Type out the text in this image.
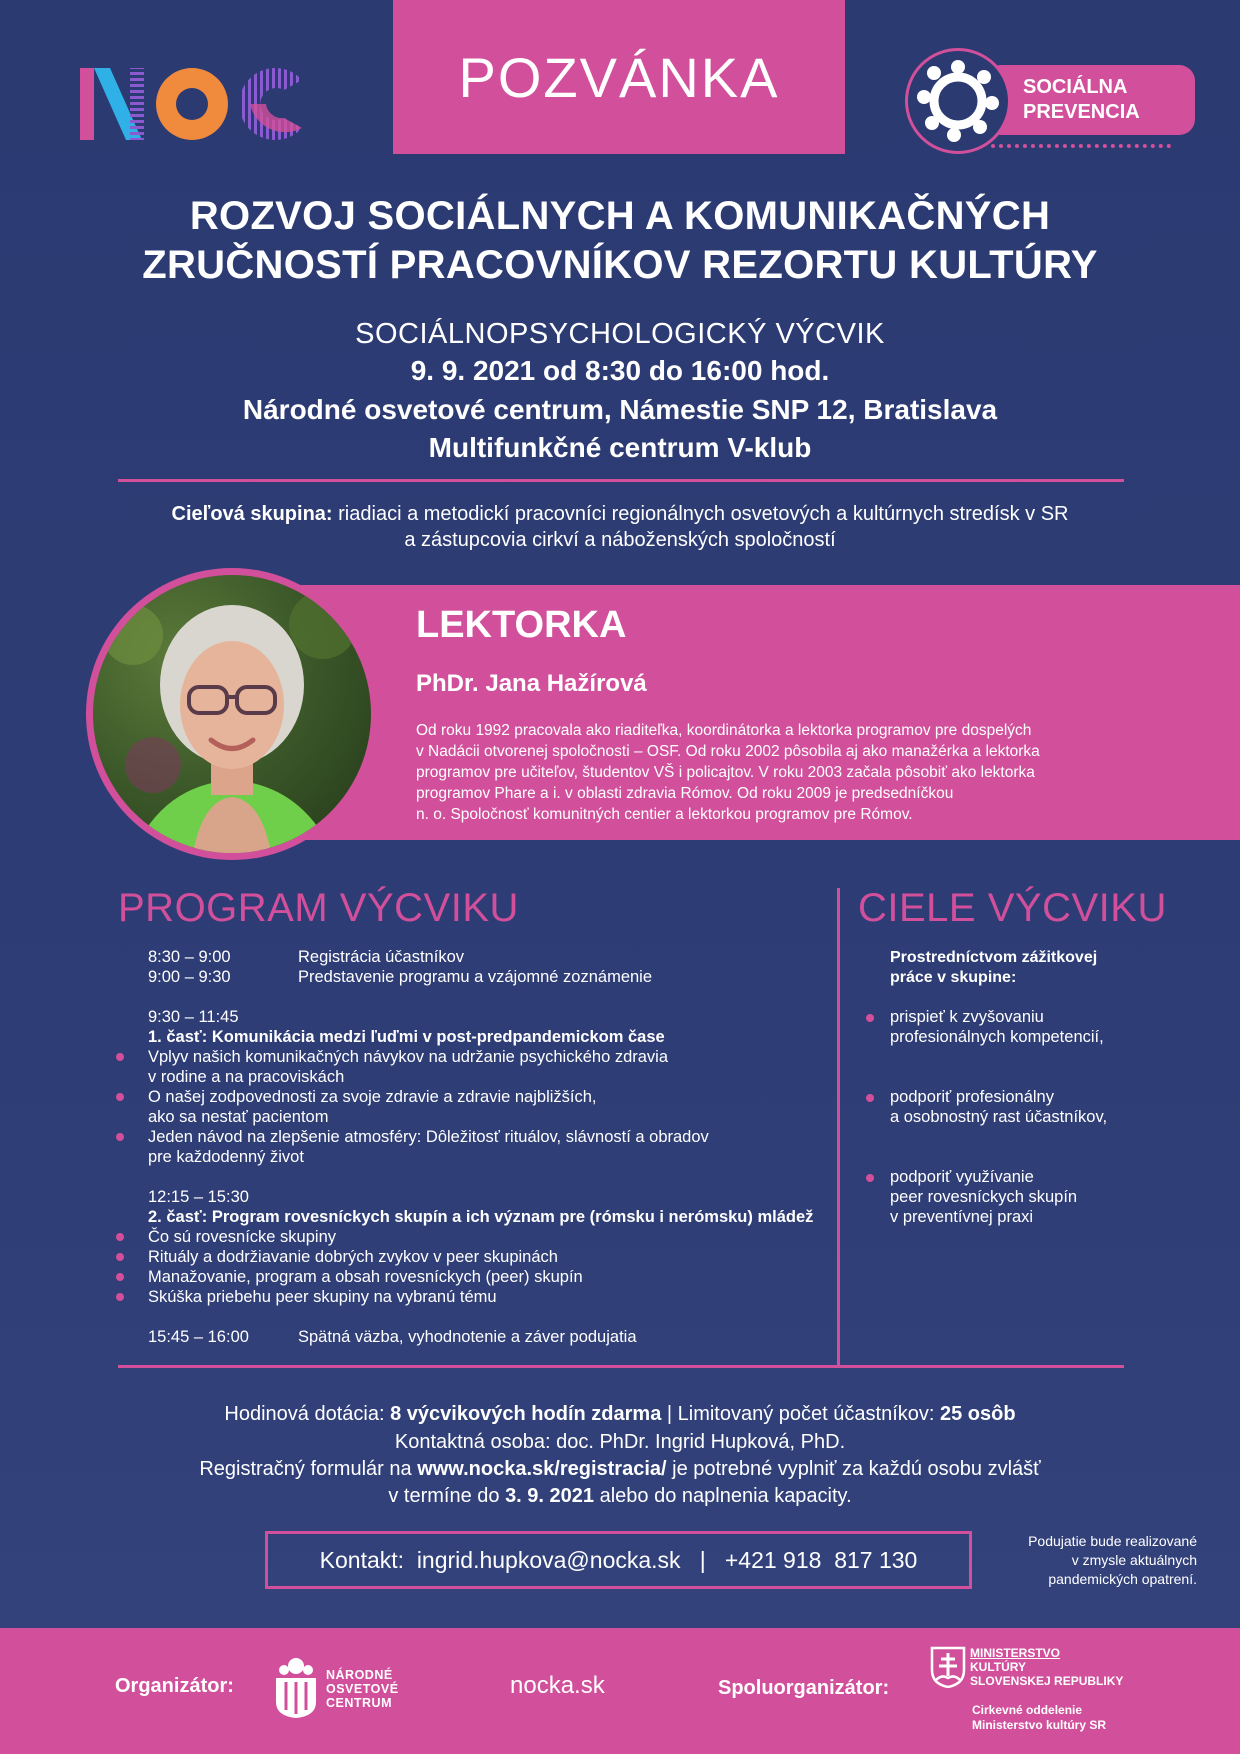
POZVÁNKA	SOCIÁLNA
PREVENCIA
ROZVOJ SOCIÁLNYCH A KOMUNIKAČNÝCH
ZRUČNOSTÍ PRACOVNÍKOV REZORTU KULTÚRY
SOCIÁLNOPSYCHOLOGICKÝ VÝCVIK
9. 9. 2021 od 8:30 do 16:00 hod.
Národné osvetové centrum, Námestie SNP 12, Bratislava
Multifunkčné centrum V-klub
Cieľová skupina: riadiaci a metodickí pracovníci regionálnych osvetových a kultúrnych stredísk v SR
a zástupcovia cirkví a náboženských spoločností
LEKTORKA
PhDr. Jana Hažírová
Od roku 1992 pracovala ako riaditeľka, koordinátorka a lektorka programov pre dospelých
v Nadácii otvorenej spoločnosti – OSF. Od roku 2002 pôsobila aj ako manažérka a lektorka
programov pre učiteľov, študentov VŠ i policajtov. V roku 2003 začala pôsobiť ako lektorka
programov Phare a i. v oblasti zdravia Rómov. Od roku 2009 je predsedníčkou
n. o. Spoločnosť komunitných centier a lektorkou programov pre Rómov.
PROGRAM VÝCVIKU
8:30 – 9:00	Registrácia účastníkov
9:00 – 9:30	Predstavenie programu a vzájomné zoznámenie
9:30 – 11:45
1. časť: Komunikácia medzi ľuďmi v post-predpandemickom čase
Vplyv našich komunikačných návykov na udržanie psychického zdravia
v rodine a na pracoviskách
O našej zodpovednosti za svoje zdravie a zdravie najbližších,
ako sa nestať pacientom
Jeden návod na zlepšenie atmosféry: Dôležitosť rituálov, slávností a obradov
pre každodenný život
12:15 – 15:30
2. časť: Program rovesníckych skupín a ich význam pre (rómsku i nerómsku) mládež
Čo sú rovesnícke skupiny
Rituály a dodržiavanie dobrých zvykov v peer skupinách
Manažovanie, program a obsah rovesníckych (peer) skupín
Skúška priebehu peer skupiny na vybranú tému
15:45 – 16:00	Spätná väzba, vyhodnotenie a záver podujatia
CIELE VÝCVIKU
Prostredníctvom zážitkovej
práce v skupine:
prispieť k zvyšovaniu
profesionálnych kompetencií,
podporiť profesionálny
a osobnostný rast účastníkov,
podporiť využívanie
peer rovesníckych skupín
v preventívnej praxi
Hodinová dotácia: 8 výcvikových hodín zdarma | Limitovaný počet účastníkov: 25 osôb
Kontaktná osoba: doc. PhDr. Ingrid Hupková, PhD.
Registračný formulár na www.nocka.sk/registracia/ je potrebné vyplniť za každú osobu zvlášť
v termíne do 3. 9. 2021 alebo do naplnenia kapacity.
Kontakt:  ingrid.hupkova@nocka.sk   |   +421 918  817 130
Podujatie bude realizované
v zmysle aktuálnych
pandemických opatrení.
Organizátor:	NÁRODNÉ
OSVETOVÉ
CENTRUM
nocka.sk	Spoluorganizátor:
MINISTERSTVO
KULTÚRY
SLOVENSKEJ REPUBLIKY
Cirkevné oddelenie
Ministerstvo kultúry SR
